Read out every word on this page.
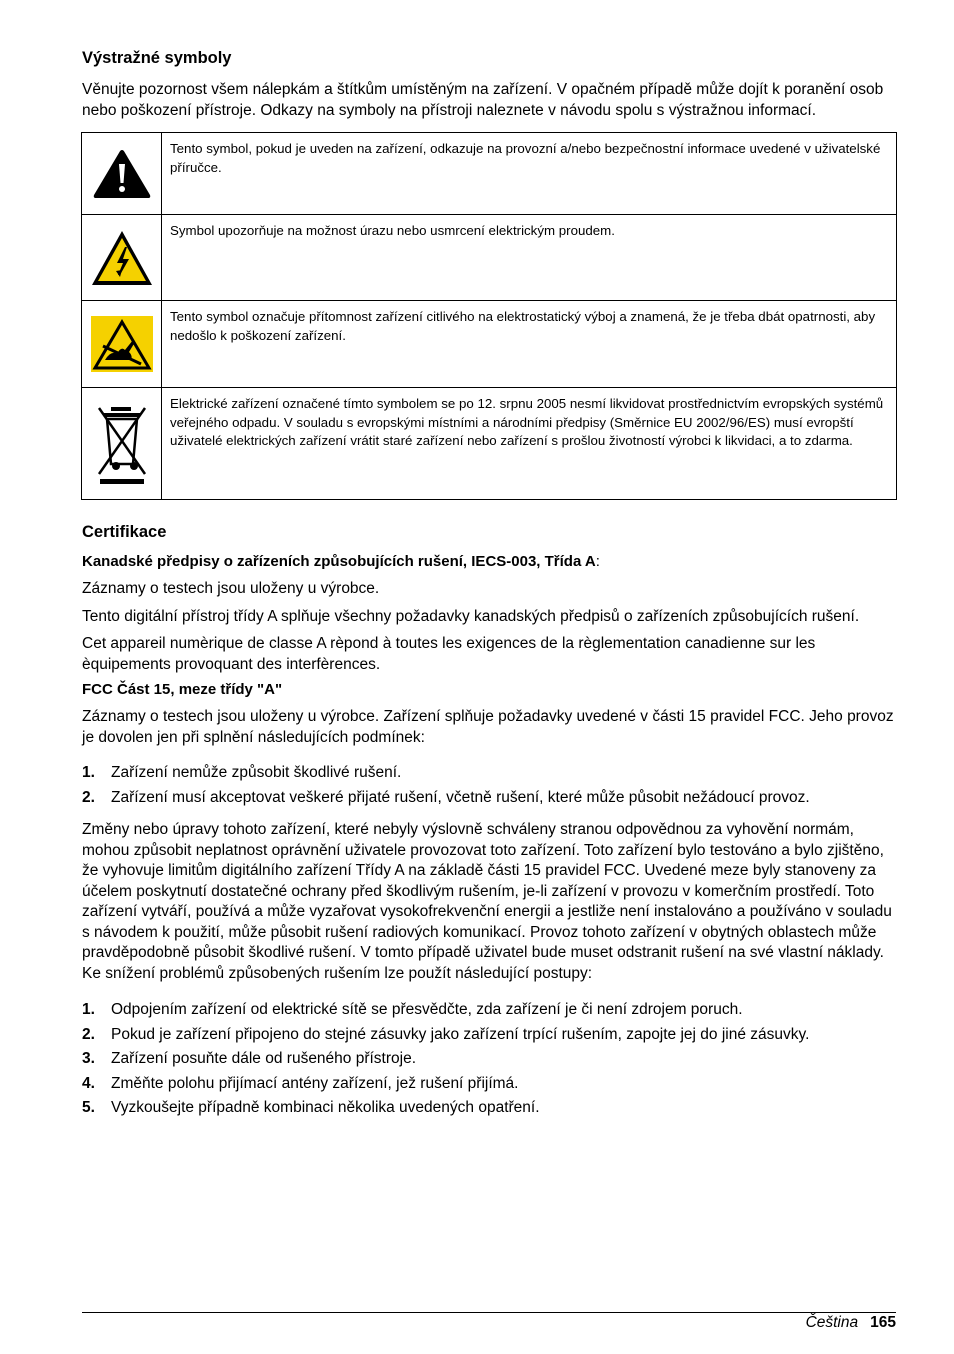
Výstražné symboly

Věnujte pozornost všem nálepkám a štítkům umístěným na zařízení. V opačném případě může dojít k poranění osob nebo poškození přístroje. Odkazy na symboly na přístroji naleznete v návodu spolu s výstražnou informací.

	Tento symbol, pokud je uveden na zařízení, odkazuje na provozní a/nebo bezpečnostní informace uvedené v uživatelské příručce.

	Symbol upozorňuje na možnost úrazu nebo usmrcení elektrickým proudem.

	Tento symbol označuje přítomnost zařízení citlivého na elektrostatický výboj a znamená, že je třeba dbát opatrnosti, aby nedošlo k poškození zařízení.

	Elektrické zařízení označené tímto symbolem se po 12. srpnu 2005 nesmí likvidovat prostřednictvím evropských systémů veřejného odpadu. V souladu s evropskými místními a národními předpisy (Směrnice EU 2002/96/ES) musí evropští uživatelé elektrických zařízení vrátit staré zařízení nebo zařízení s prošlou životností výrobci k likvidaci, a to zdarma.
Certifikace
Kanadské předpisy o zařízeních způsobujících rušení, IECS-003, Třída A:

Záznamy o testech jsou uloženy u výrobce.

Tento digitální přístroj třídy A splňuje všechny požadavky kanadských předpisů o zařízeních způsobujících rušení.

Cet appareil numèrique de classe A rèpond à toutes les exigences de la règlementation canadienne sur les èquipements provoquant des interfèrences.

FCC Část 15, meze třídy "A"

Záznamy o testech jsou uloženy u výrobce. Zařízení splňuje požadavky uvedené v části 15 pravidel FCC. Jeho provoz je dovolen jen při splnění následujících podmínek:

1. Zařízení nemůže způsobit škodlivé rušení.
2. Zařízení musí akceptovat veškeré přijaté rušení, včetně rušení, které může působit nežádoucí provoz.

Změny nebo úpravy tohoto zařízení, které nebyly výslovně schváleny stranou odpovědnou za vyhovění normám, mohou způsobit neplatnost oprávnění uživatele provozovat toto zařízení. Toto zařízení bylo testováno a bylo zjištěno, že vyhovuje limitům digitálního zařízení Třídy A na základě části 15 pravidel FCC. Uvedené meze byly stanoveny za účelem poskytnutí dostatečné ochrany před škodlivým rušením, je-li zařízení v provozu v komerčním prostředí. Toto zařízení vytváří, používá a může vyzařovat vysokofrekvenční energii a jestliže není instalováno a používáno v souladu s návodem k použití, může působit rušení radiových komunikací. Provoz tohoto zařízení v obytných oblastech může pravděpodobně působit škodlivé rušení. V tomto případě uživatel bude muset odstranit rušení na své vlastní náklady. Ke snížení problémů způsobených rušením lze použít následující postupy:

1. Odpojením zařízení od elektrické sítě se přesvědčte, zda zařízení je či není zdrojem poruch.
2. Pokud je zařízení připojeno do stejné zásuvky jako zařízení trpící rušením, zapojte jej do jiné zásuvky.
3. Zařízení posuňte dále od rušeného přístroje.
4. Změňte polohu přijímací antény zařízení, jež rušení přijímá.
5. Vyzkoušejte případně kombinaci několika uvedených opatření.
Čeština 165
